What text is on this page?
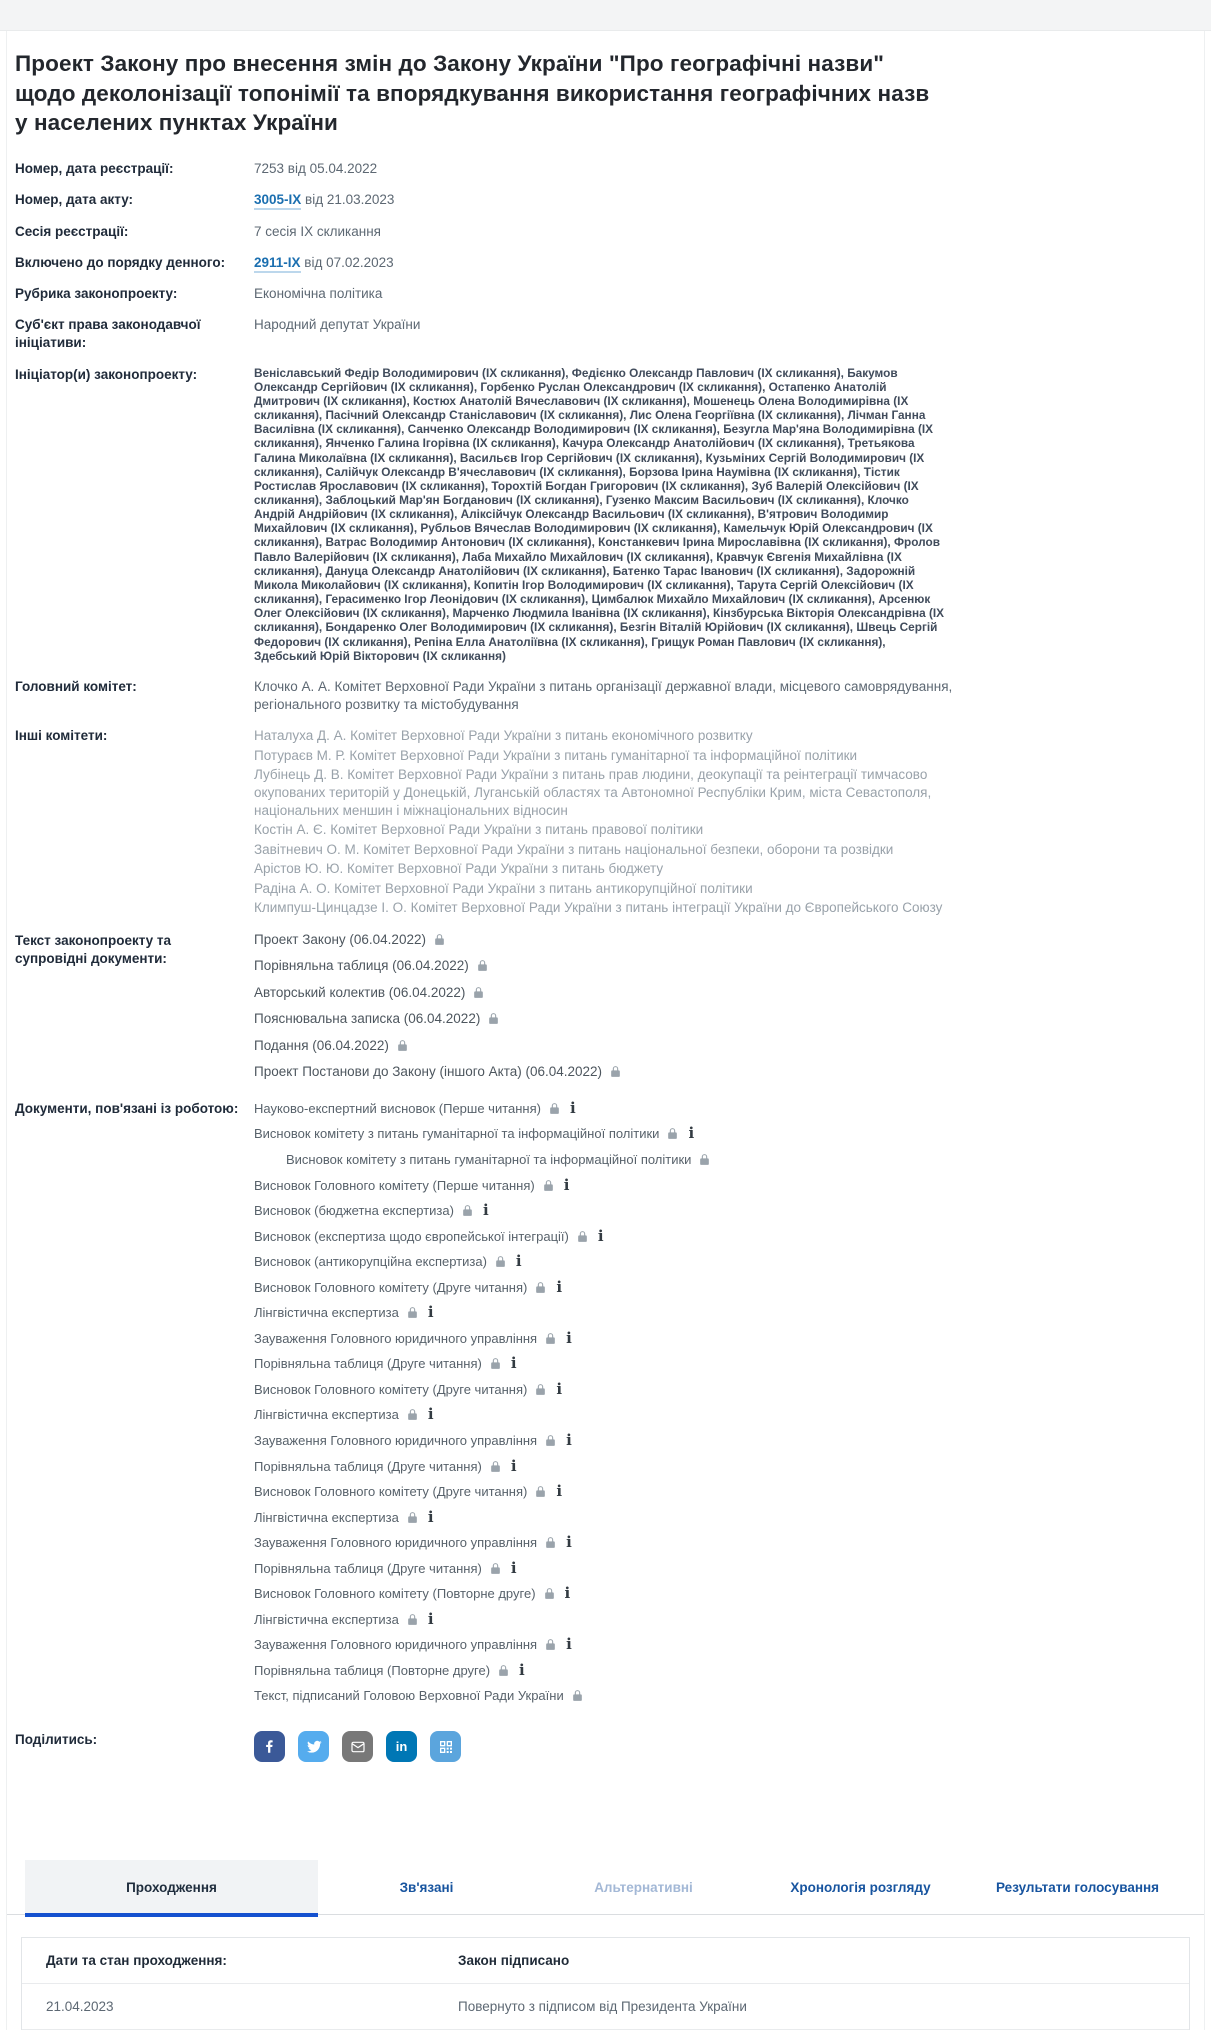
Проект Закону про внесення змін до Закону України "Про географічні назви" щодо деколонізації топонімії та впорядкування використання географічних назв у населених пунктах України
Номер, дата реєстрації:	7253 від 05.04.2022
Номер, дата акту:	3005-ІХ від 21.03.2023
Сесія реєстрації:	7 сесія ІХ скликання
Включено до порядку денного:	2911-ІХ від 07.02.2023
Рубрика законопроекту:	Економічна політика
Суб'єкт права законодавчої ініціативи:
Народний депутат України
Ініціатор(и) законопроекту:	Веніславський Федір Володимирович (ІХ скликання), Федієнко Олександр Павлович (ІХ скликання), Бакумов Олександр Сергійович (ІХ скликання), Горбенко Руслан Олександрович (ІХ скликання), Остапенко Анатолій Дмитрович (ІХ скликання), Костюх Анатолій Вячеславович (ІХ скликання), Мошенець Олена Володимирівна (ІХ скликання), Пасічний Олександр Станіславович (ІХ скликання), Лис Олена Георгіївна (ІХ скликання), Лічман Ганна Василівна (ІХ скликання), Санченко Олександр Володимирович (ІХ скликання), Безугла Мар'яна Володимирівна (ІХ скликання), Янченко Галина Ігорівна (ІХ скликання), Качура Олександр Анатолійович (ІХ скликання), Третьякова Галина Миколаївна (ІХ скликання), Васильєв Ігор Сергійович (ІХ скликання), Кузьміних Сергій Володимирович (ІХ скликання), Салійчук Олександр В'ячеславович (ІХ скликання), Борзова Ірина Наумівна (ІХ скликання), Тістик Ростислав Ярославович (ІХ скликання), Торохтій Богдан Григорович (ІХ скликання), Зуб Валерій Олексійович (ІХ скликання), Заблоцький Мар'ян Богданович (ІХ скликання), Гузенко Максим Васильович (ІХ скликання), Клочко Андрій Андрійович (ІХ скликання), Аліксійчук Олександр Васильович (ІХ скликання), В'ятрович Володимир Михайлович (ІХ скликання), Рубльов Вячеслав Володимирович (ІХ скликання), Камельчук Юрій Олександрович (ІХ скликання), Ватрас Володимир Антонович (ІХ скликання), Констанкевич Ірина Мирославівна (ІХ скликання), Фролов Павло Валерійович (ІХ скликання), Лаба Михайло Михайлович (ІХ скликання), Кравчук Євгенія Михайлівна (ІХ скликання), Дануца Олександр Анатолійович (ІХ скликання), Батенко Тарас Іванович (ІХ скликання), Задорожній Микола Миколайович (ІХ скликання), Копитін Ігор Володимирович (ІХ скликання), Тарута Сергій Олексійович (ІХ скликання), Герасименко Ігор Леонідович (ІХ скликання), Цимбалюк Михайло Михайлович (ІХ скликання), Арсенюк Олег Олексійович (ІХ скликання), Марченко Людмила Іванівна (ІХ скликання), Кінзбурська Вікторія Олександрівна (ІХ скликання), Бондаренко Олег Володимирович (ІХ скликання), Безгін Віталій Юрійович (ІХ скликання), Швець Сергій Федорович (ІХ скликання), Репіна Елла Анатоліївна (ІХ скликання), Грищук Роман Павлович (ІХ скликання), Здебський Юрій Вікторович (ІХ скликання)
Головний комітет:	Клочко А. А. Комітет Верховної Ради України з питань організації державної влади, місцевого самоврядування, регіонального розвитку та містобудування
Інші комітети:	Наталуха Д. А. Комітет Верховної Ради України з питань економічного розвитку
Потураєв М. Р. Комітет Верховної Ради України з питань гуманітарної та інформаційної політики
Лубінець Д. В. Комітет Верховної Ради України з питань прав людини, деокупації та реінтеграції тимчасово окупованих територій у Донецькій, Луганській областях та Автономної Республіки Крим, міста Севастополя, національних меншин і міжнаціональних відносин
Костін А. Є. Комітет Верховної Ради України з питань правової політики
Завітневич О. М. Комітет Верховної Ради України з питань національної безпеки, оборони та розвідки
Арістов Ю. Ю. Комітет Верховної Ради України з питань бюджету
Радіна А. О. Комітет Верховної Ради України з питань антикорупційної політики
Климпуш-Цинцадзе І. О. Комітет Верховної Ради України з питань інтеграції України до Європейського Союзу
Текст законопроекту та супровідні документи:
Проект Закону (06.04.2022)
Порівняльна таблиця (06.04.2022)
Авторський колектив (06.04.2022)
Пояснювальна записка (06.04.2022)
Подання (06.04.2022)
Проект Постанови до Закону (іншого Акта) (06.04.2022)
Документи, пов'язані із роботою:	Науково-експертний висновок (Перше читання)
i
Висновок комітету з питань гуманітарної та інформаційної політики
i
Висновок комітету з питань гуманітарної та інформаційної політики
Висновок Головного комітету (Перше читання)
i
Висновок (бюджетна експертиза)
i
Висновок (експертиза щодо європейської інтеграції)
i
Висновок (антикорупційна експертиза)
i
Висновок Головного комітету (Друге читання)
i
Лінгвістична експертиза
i
Зауваження Головного юридичного управління
i
Порівняльна таблиця (Друге читання)
i
Висновок Головного комітету (Друге читання)
i
Лінгвістична експертиза
i
Зауваження Головного юридичного управління
i
Порівняльна таблиця (Друге читання)
i
Висновок Головного комітету (Друге читання)
i
Лінгвістична експертиза
i
Зауваження Головного юридичного управління
i
Порівняльна таблиця (Друге читання)
i
Висновок Головного комітету (Повторне друге)
i
Лінгвістична експертиза
i
Зауваження Головного юридичного управління
i
Порівняльна таблиця (Повторне друге)
i
Текст, підписаний Головою Верховної Ради України
Поділитись:
in
Проходження	Зв'язані	Альтернативні	Хронологія розгляду	Результати голосування
Дати та стан проходження:	Закон підписано
21.04.2023	Повернуто з підписом від Президента України
